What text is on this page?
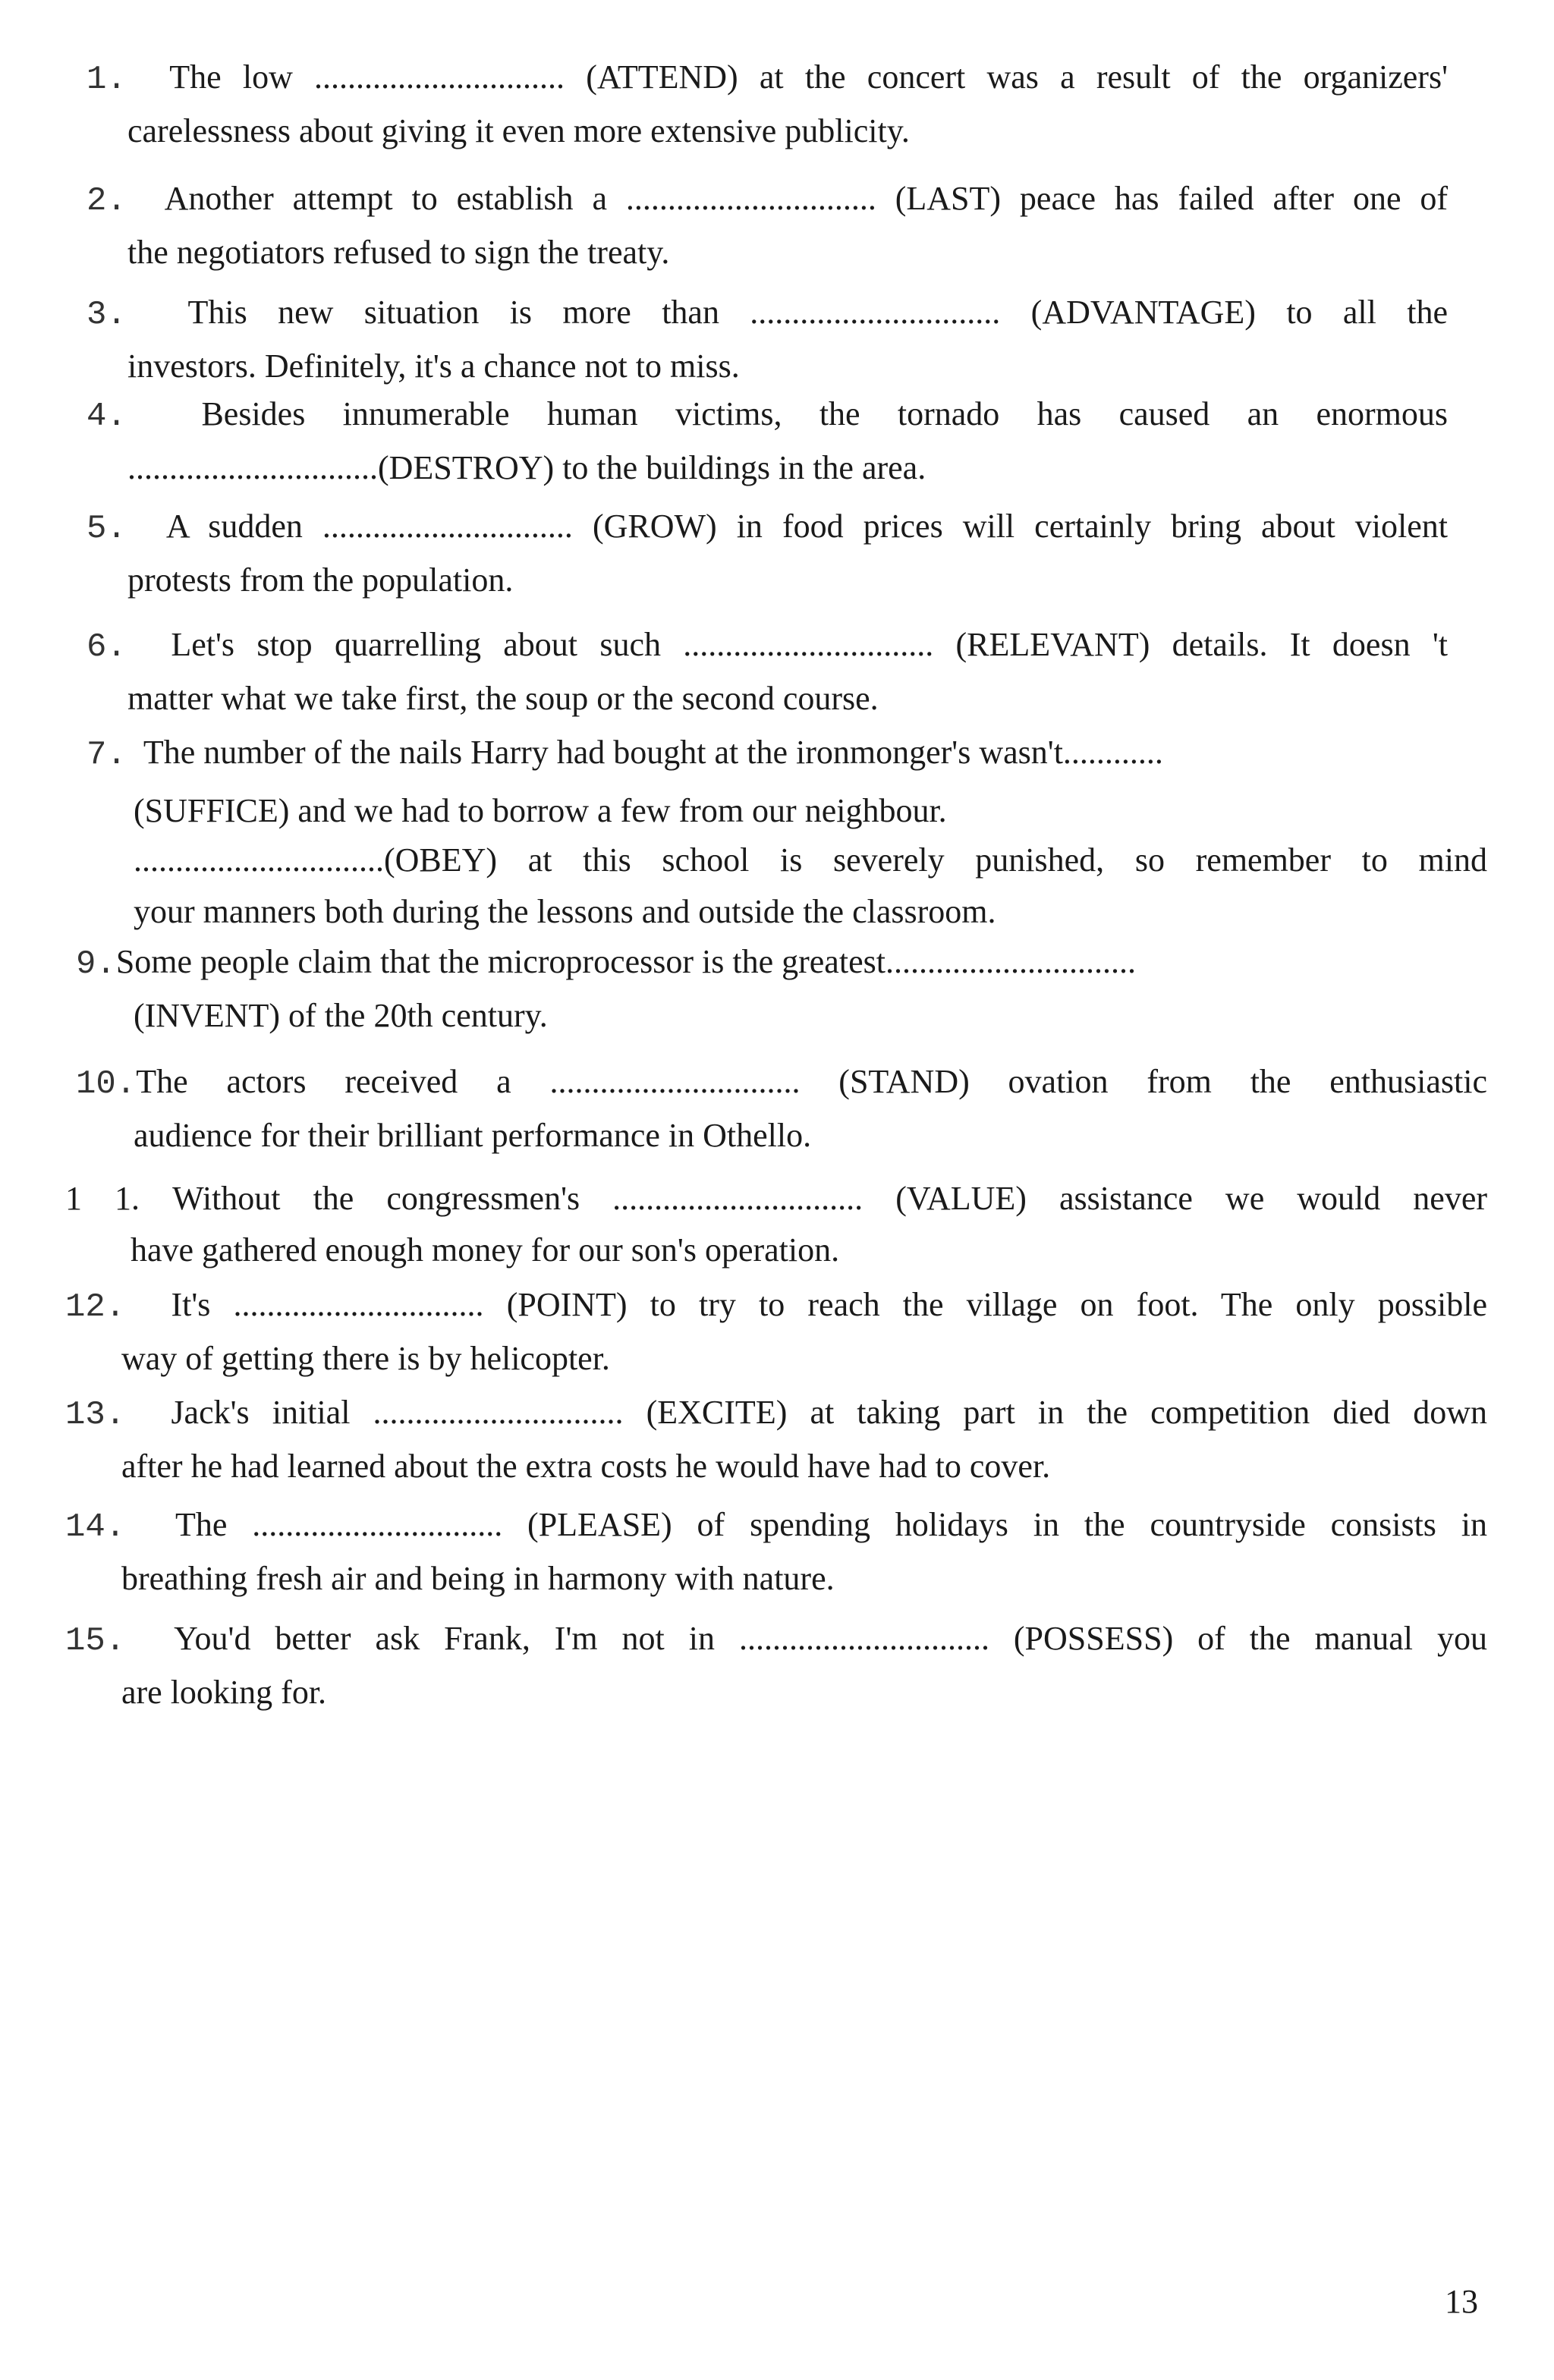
1. The low .............................. (ATTEND) at the concert was a result of the organizers'
carelessness about giving it even more extensive publicity.
2. Another attempt to establish a .............................. (LAST) peace has failed after one of
the negotiators refused to sign the treaty.
3. This new situation is more than .............................. (ADVANTAGE) to all the
investors. Definitely, it's a chance not to miss.
4. Besides innumerable human victims, the tornado has caused an enormous
..............................(DESTROY) to the buildings in the area.
5. A sudden .............................. (GROW) in food prices will certainly bring about violent
protests from the population.
6. Let's stop quarrelling about such .............................. (RELEVANT) details. It doesn 't
matter what we take first, the soup or the second course.
7. The number of the nails Harry had bought at the ironmonger's wasn't............
(SUFFICE) and we had to borrow a few from our neighbour.
..............................(OBEY) at this school is severely punished, so remember to mind
your manners both during the lessons and outside the classroom.
9.Some people claim that the microprocessor is the greatest..............................
(INVENT) of the 20th century.
10.The actors received a .............................. (STAND) ovation from the enthusiastic
audience for their brilliant performance in Othello.
1 1. Without the congressmen's .............................. (VALUE) assistance we would never
have gathered enough money for our son's operation.
12. It's .............................. (POINT) to try to reach the village on foot. The only possible
way of getting there is by helicopter.
13. Jack's initial .............................. (EXCITE) at taking part in the competition died down
after he had learned about the extra costs he would have had to cover.
14. The .............................. (PLEASE) of spending holidays in the countryside consists in
breathing fresh air and being in harmony with nature.
15. You'd better ask Frank, I'm not in .............................. (POSSESS) of the manual you
are looking for.
13
